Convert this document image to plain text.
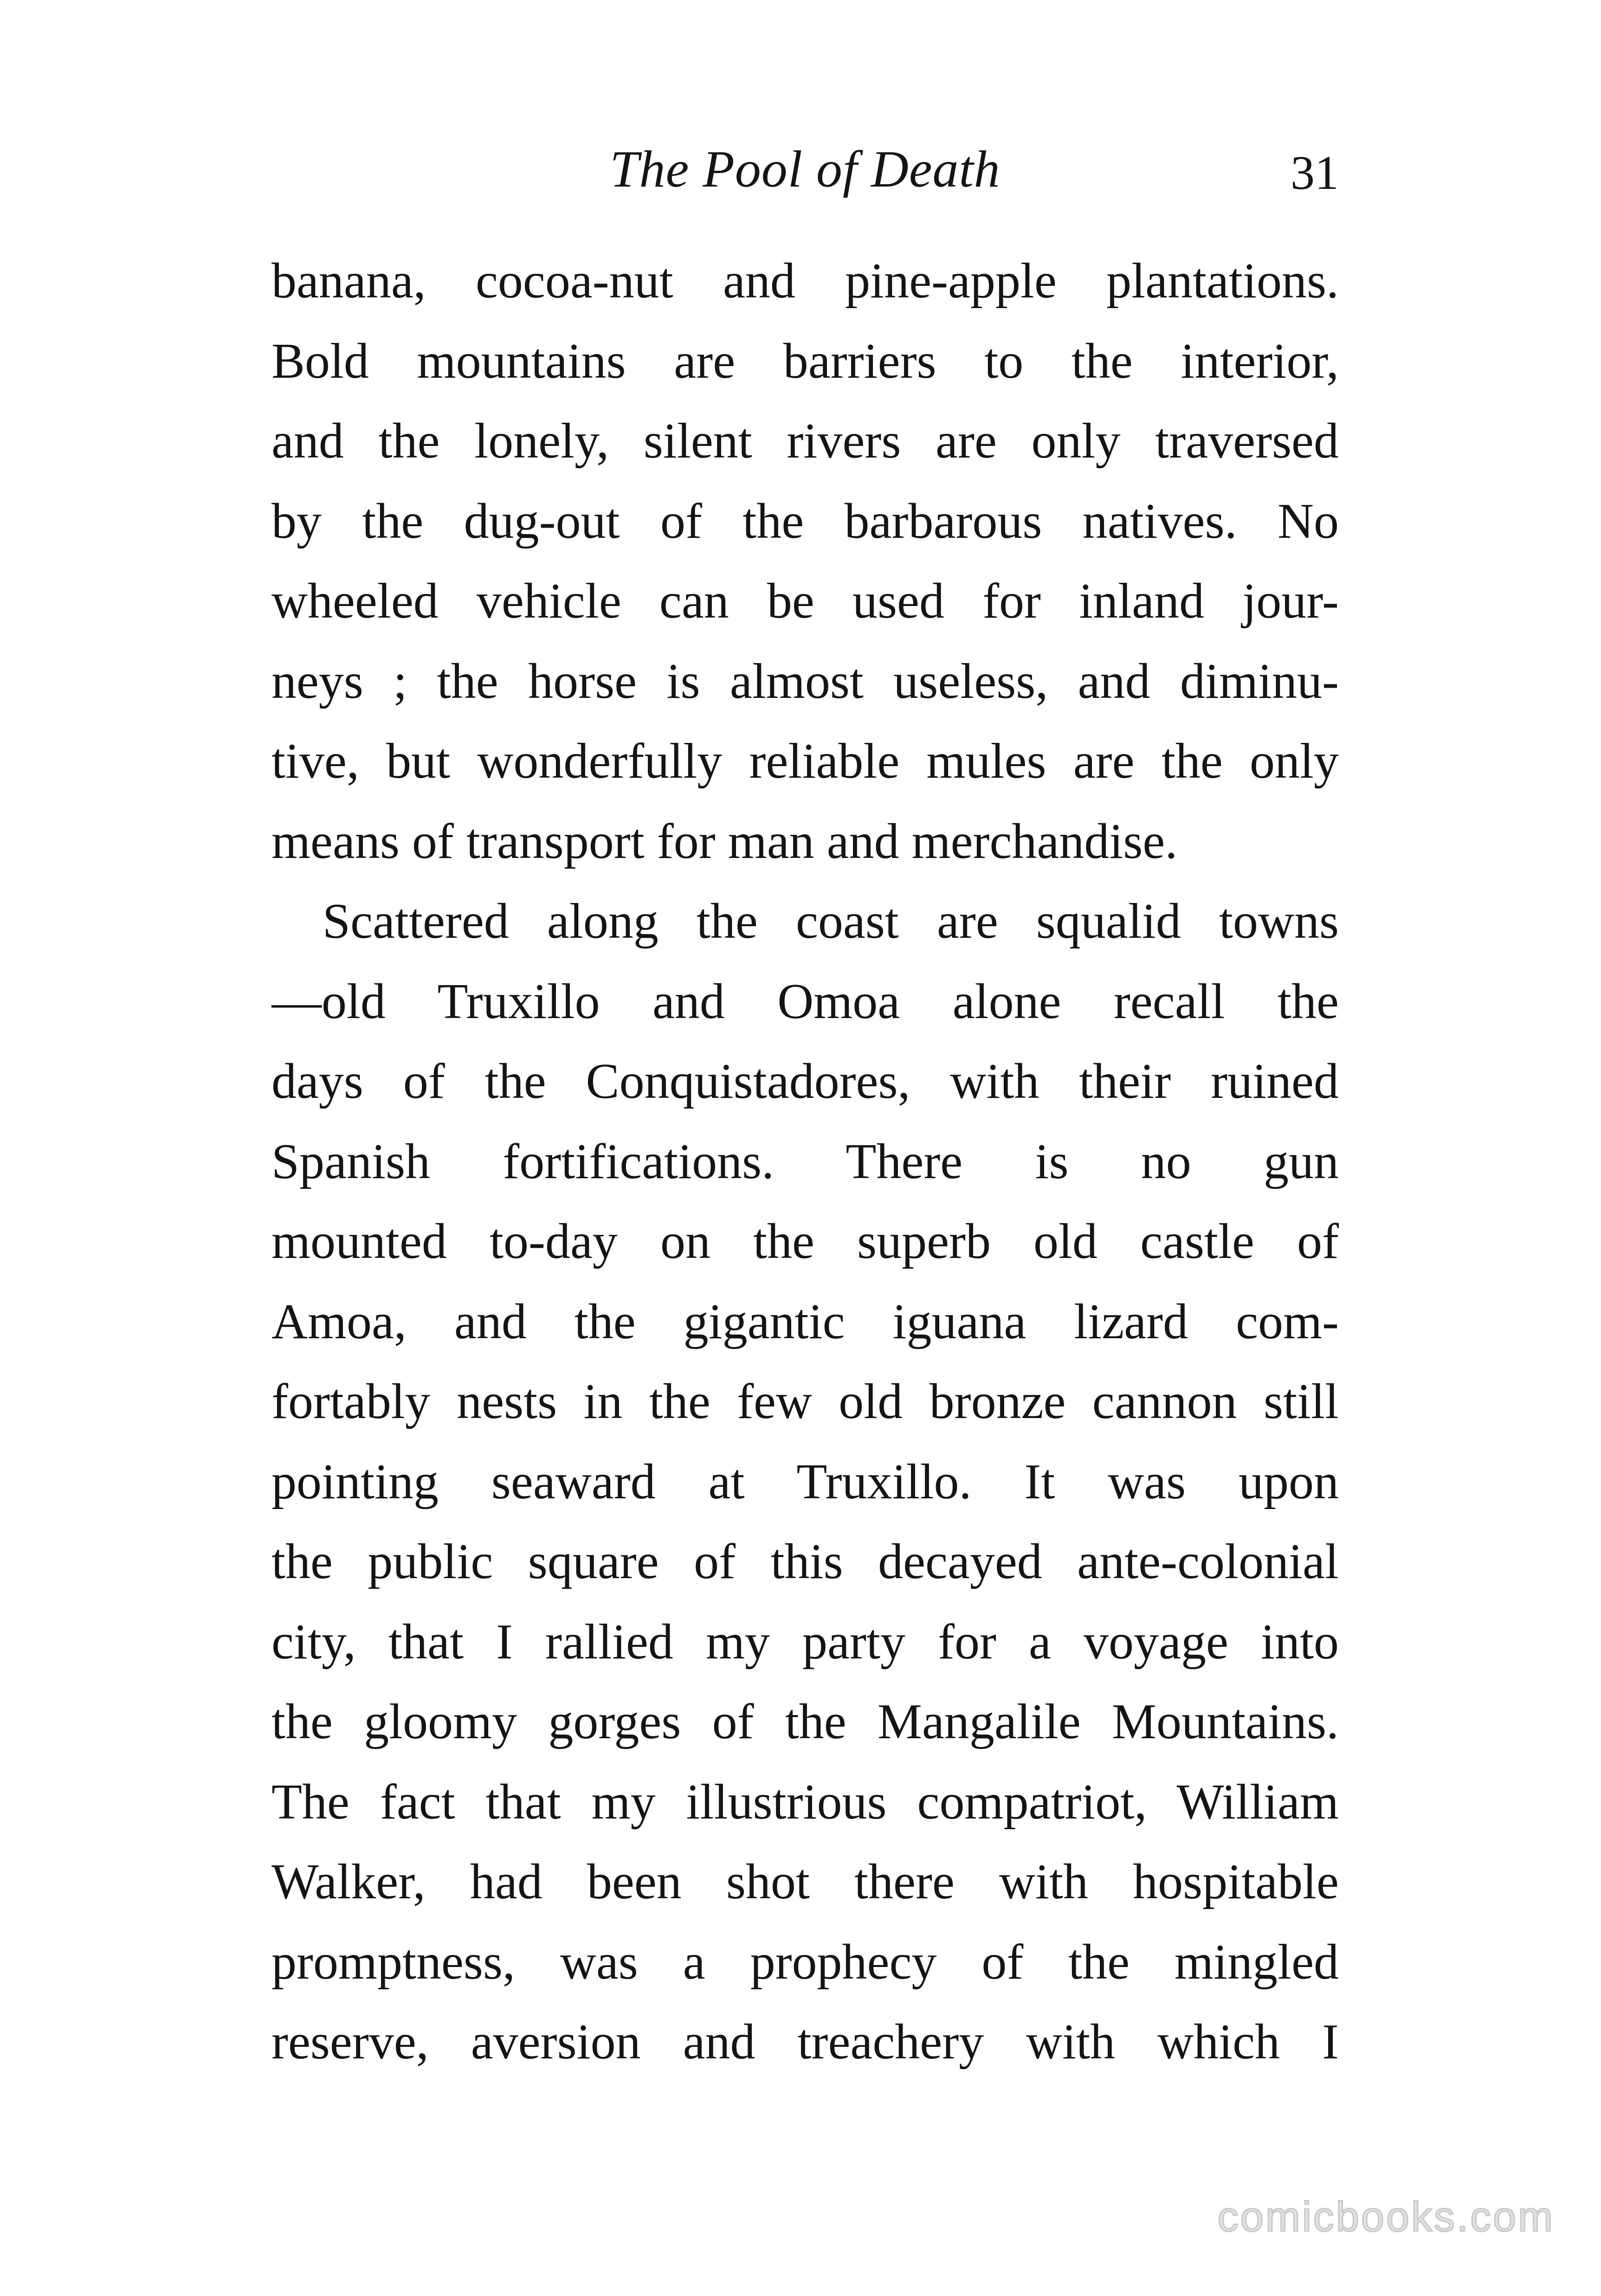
The Pool of Death	31
banana, cocoa-nut and pine-apple plantations.
Bold mountains are barriers to the interior,
and the lonely, silent rivers are only traversed
by the dug-out of the barbarous natives. No
wheeled vehicle can be used for inland jour-
neys ; the horse is almost useless, and diminu-
tive, but wonderfully reliable mules are the only
means of transport for man and merchandise.
Scattered along the coast are squalid towns
—old Truxillo and Omoa alone recall the
days of the Conquistadores, with their ruined
Spanish fortifications. There is no gun
mounted to-day on the superb old castle of
Amoa, and the gigantic iguana lizard com-
fortably nests in the few old bronze cannon still
pointing seaward at Truxillo. It was upon
the public square of this decayed ante-colonial
city, that I rallied my party for a voyage into
the gloomy gorges of the Mangalile Mountains.
The fact that my illustrious compatriot, William
Walker, had been shot there with hospitable
promptness, was a prophecy of the mingled
reserve, aversion and treachery with which I
comicbooks.com
